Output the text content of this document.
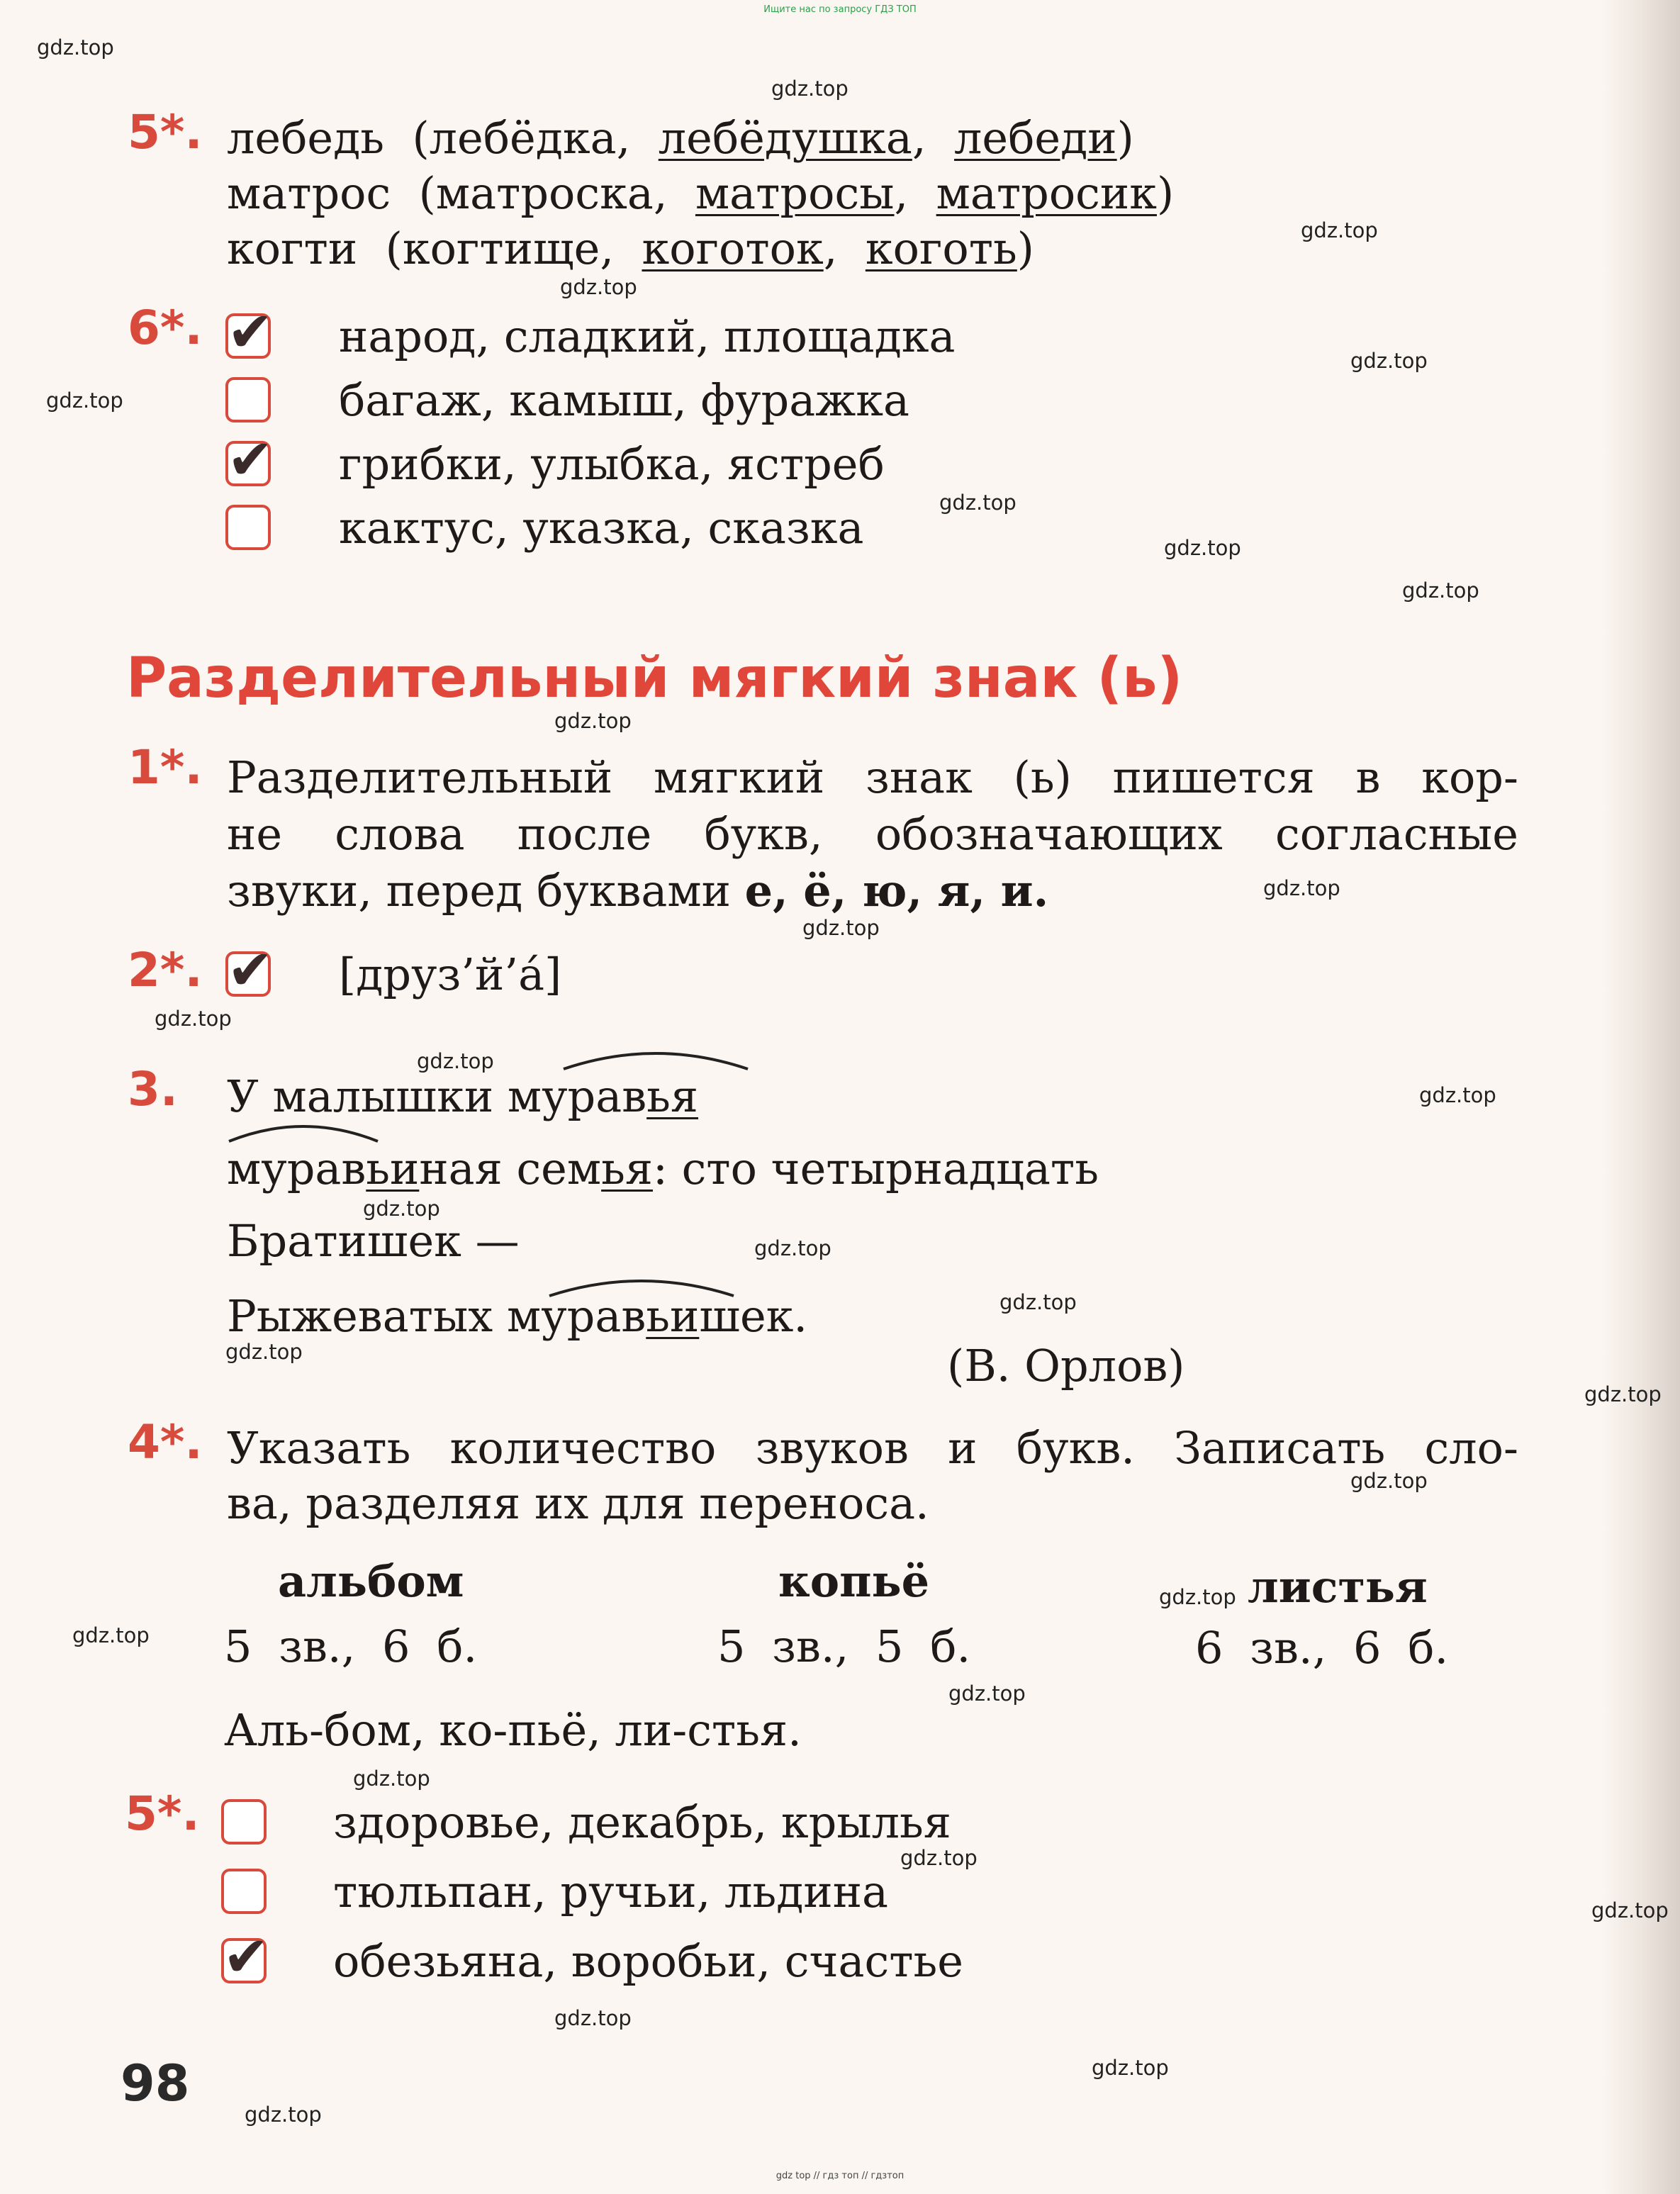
Ищите нас по запросу ГДЗ ТОП
gdz.top
gdz.top
gdz.top
gdz.top
gdz.top
gdz.top
gdz.top
gdz.top
gdz.top
gdz.top
gdz.top
gdz.top
gdz.top
gdz.top
gdz.top
gdz.top
gdz.top
gdz.top
gdz.top
gdz.top
gdz.top
gdz.top
gdz.top
gdz.top
gdz.top
gdz.top
gdz.top
gdz.top
gdz.top
gdz.top
5*. лебедь (лебёдка,  лебёдушка,  лебеди)
матрос (матроска,  матросы,  матросик)
когти (когтище,  коготок,  коготь)
6*. ✔ народ, сладкий, площадка
багаж, камыш, фуражка
✔ грибки, улыбка, ястреб
кактус, указка, сказка
Разделительный мягкий знак (ь)
1*. Разделительный мягкий знак (ь) пишется в кор-
не слова после букв, обозначающих согласные
звуки, перед буквами е, ё, ю, я, и.
2*. ✔ [друз’й’а́]
3. У малышки муравья
муравьиная семья: сто четырнадцать
Братишек —
Рыжеватых муравьишек.
(В. Орлов)
4*. Указать количество звуков и букв. Записать сло-
ва, разделяя их для переноса.
альбом	копьё	листья
5 зв., 6 б.	5 зв., 5 б.	6 зв., 6 б.
Аль-бом, ко-пьё, ли-стья.
5*.	здоровье, декабрь, крылья
тюльпан, ручьи, льдина
✔ обезьяна, воробьи, счастье
98
gdz top // гдз топ // гдзтоп
